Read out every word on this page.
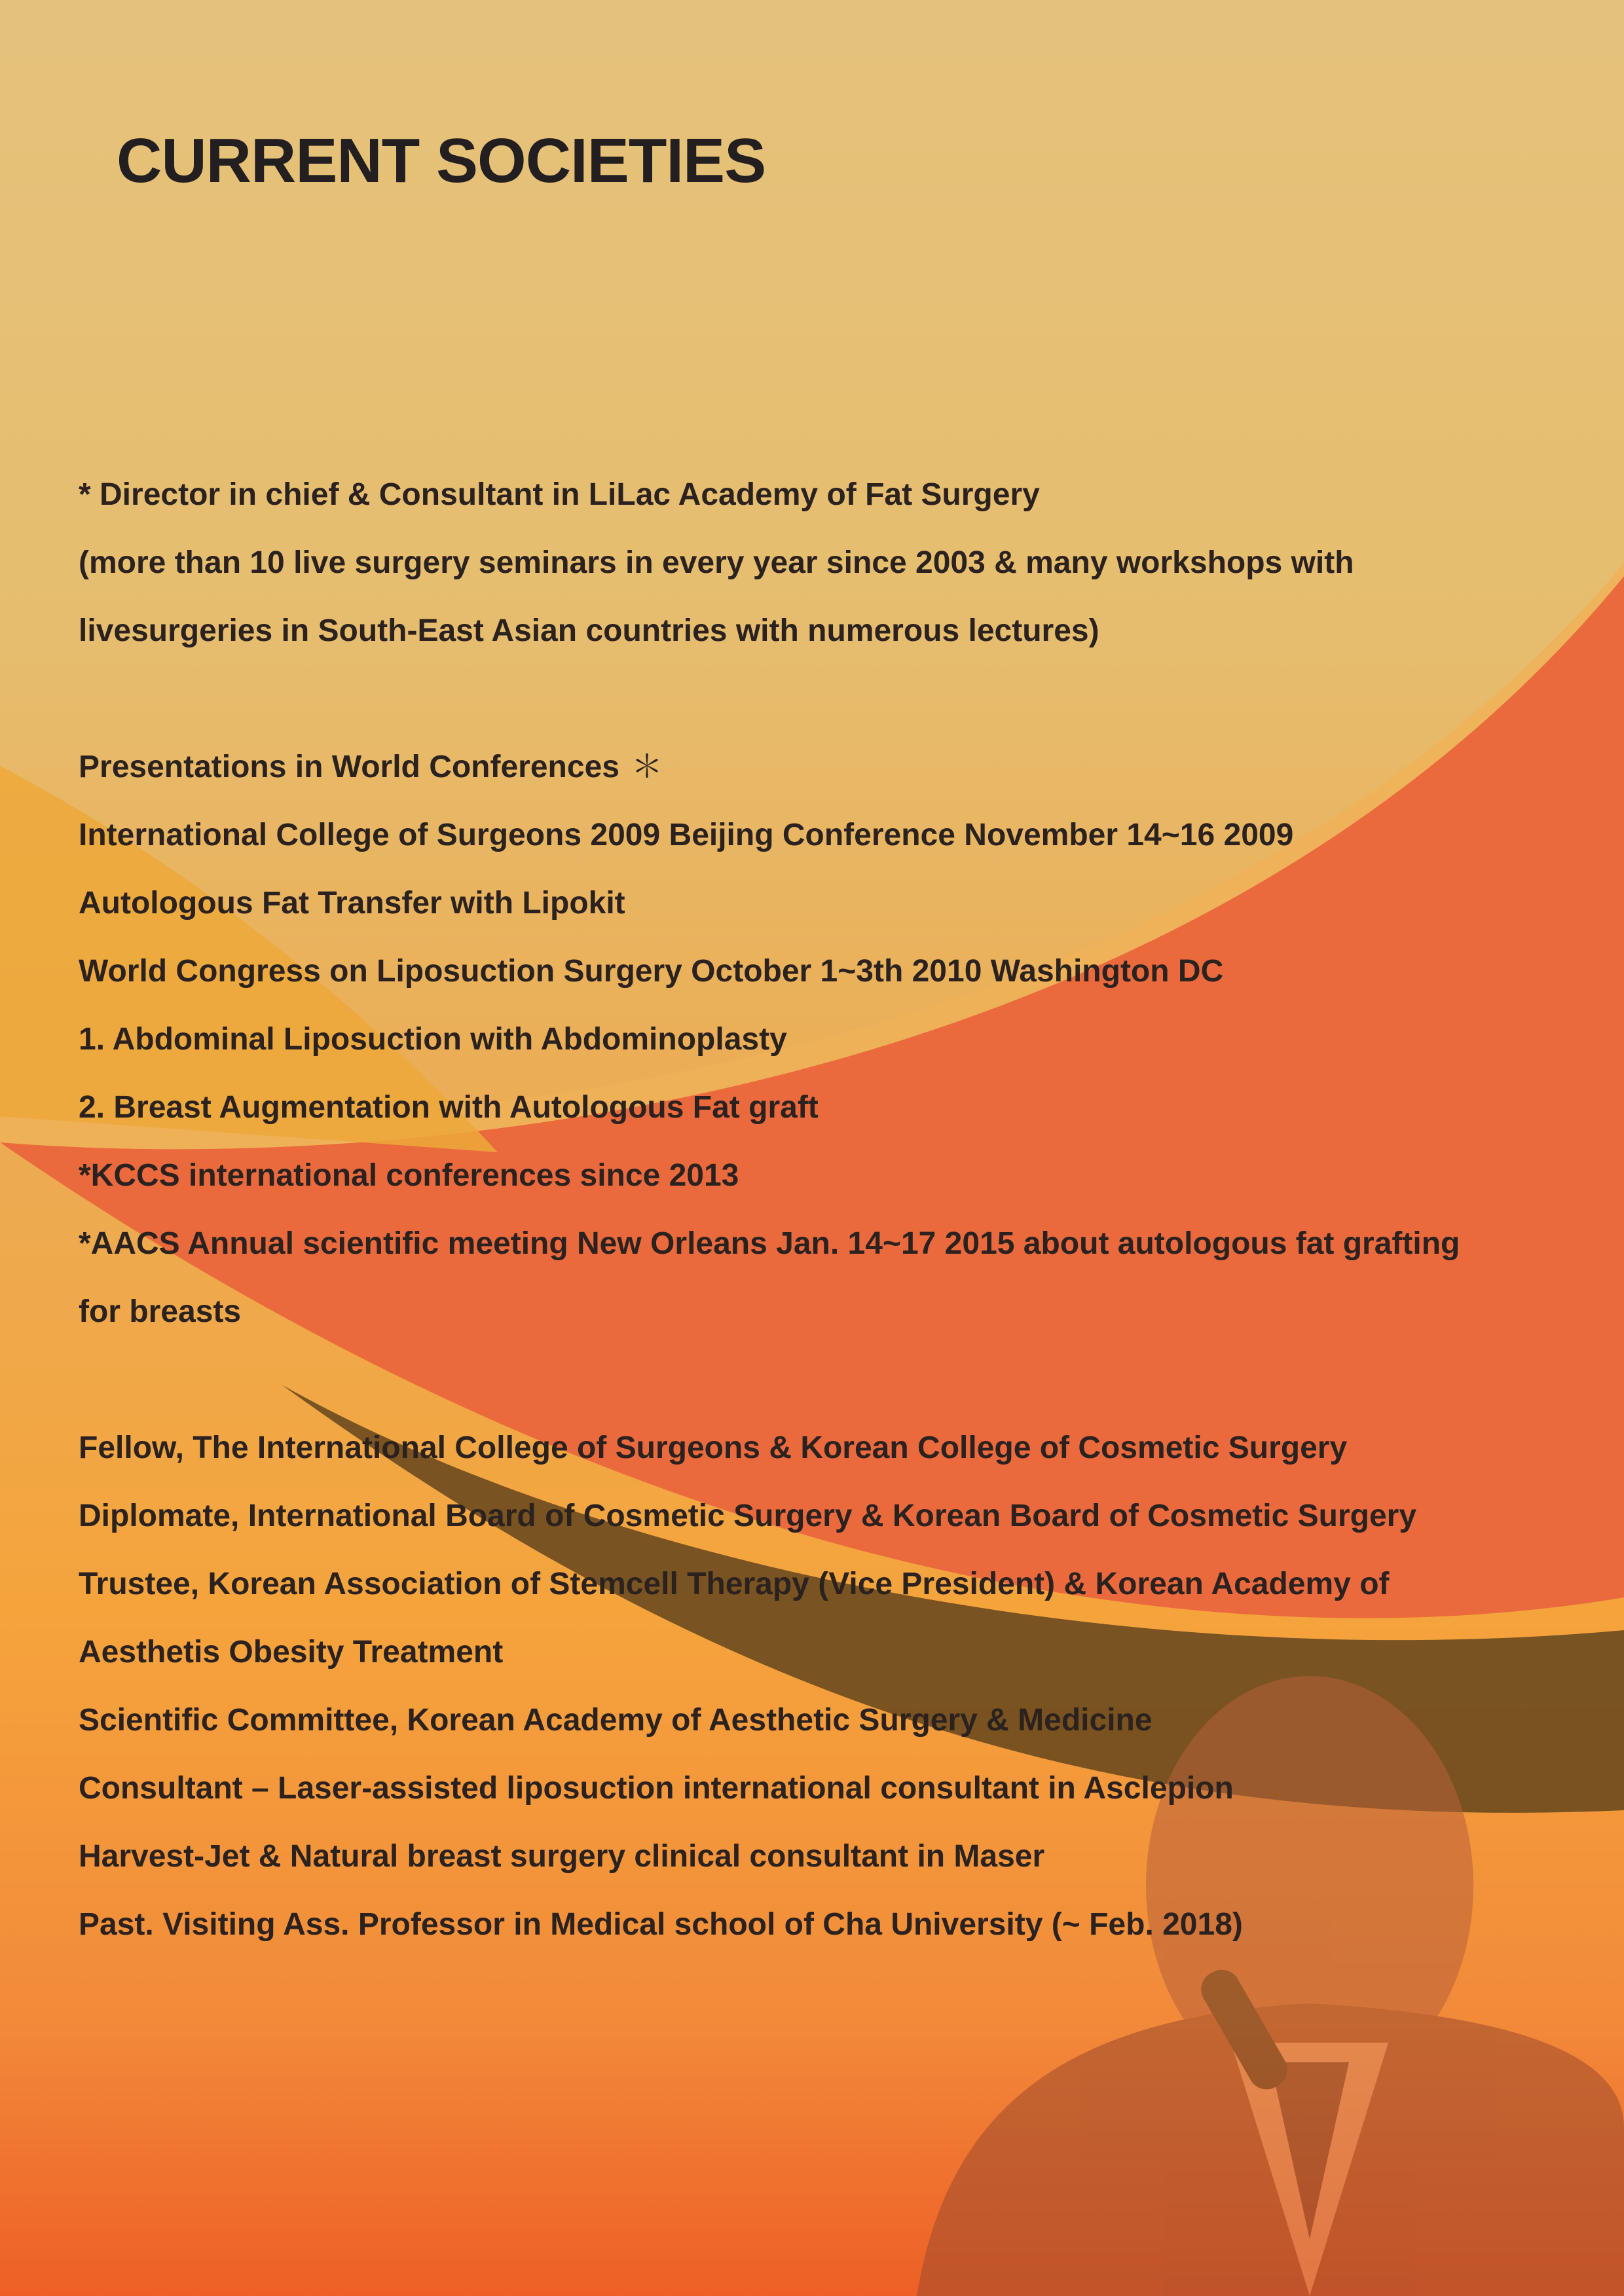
CURRENT SOCIETIES
* Director in chief & Consultant in LiLac Academy of Fat Surgery
(more than 10 live surgery seminars in every year since 2003 & many workshops with
livesurgeries in South-East Asian countries with numerous lectures)
Presentations in World Conferences ＊
International College of Surgeons 2009 Beijing Conference November 14~16 2009
Autologous Fat Transfer with Lipokit
World Congress on Liposuction Surgery October 1~3th 2010 Washington DC
1. Abdominal Liposuction with Abdominoplasty
2. Breast Augmentation with Autologous Fat graft
*KCCS international conferences since 2013
*AACS Annual scientific meeting New Orleans Jan. 14~17 2015 about autologous fat grafting
for breasts
Fellow, The International College of Surgeons & Korean College of Cosmetic Surgery
Diplomate, International Board of Cosmetic Surgery & Korean Board of Cosmetic Surgery
Trustee, Korean Association of Stemcell Therapy (Vice President) & Korean Academy of
Aesthetis Obesity Treatment
Scientific Committee, Korean Academy of Aesthetic Surgery & Medicine
Consultant – Laser-assisted liposuction international consultant in Asclepion
Harvest-Jet & Natural breast surgery clinical consultant in Maser
Past. Visiting Ass. Professor in Medical school of Cha University (~ Feb. 2018)
